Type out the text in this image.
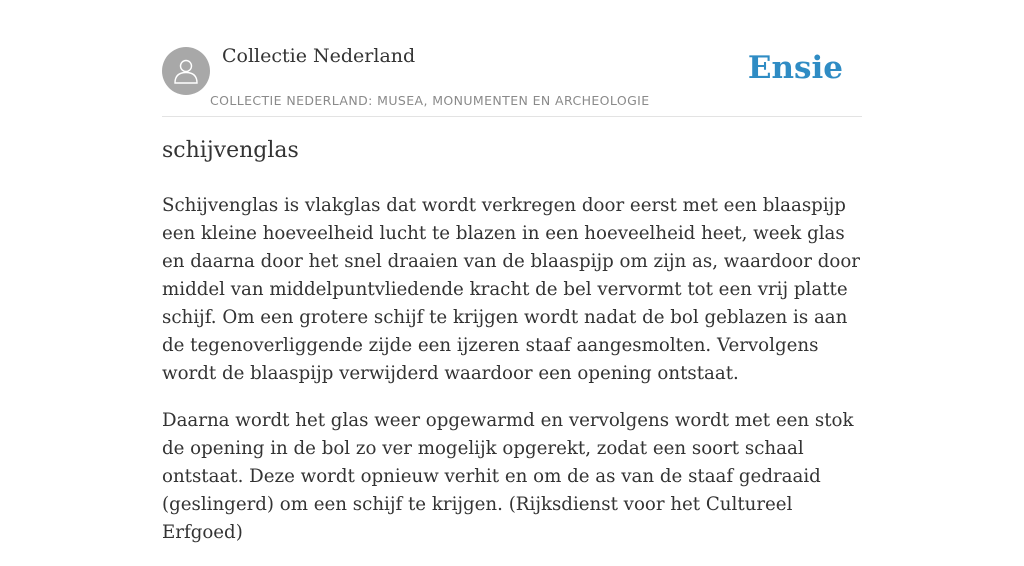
Collectie Nederland
COLLECTIE NEDERLAND: MUSEA, MONUMENTEN EN ARCHEOLOGIE
Ensie
schijvenglas

Schijvenglas is vlakglas dat wordt verkregen door eerst met een blaaspijp een kleine hoeveelheid lucht te blazen in een hoeveelheid heet, week glas en daarna door het snel draaien van de blaaspijp om zijn as, waardoor door middel van middelpuntvliedende kracht de bel vervormt tot een vrij platte schijf. Om een grotere schijf te krijgen wordt nadat de bol geblazen is aan de tegenoverliggende zijde een ijzeren staaf aangesmolten. Vervolgens wordt de blaaspijp verwijderd waardoor een opening ontstaat.

Daarna wordt het glas weer opgewarmd en vervolgens wordt met een stok de opening in de bol zo ver mogelijk opgerekt, zodat een soort schaal ontstaat. Deze wordt opnieuw verhit en om de as van de staaf gedraaid (geslingerd) om een schijf te krijgen. (Rijksdienst voor het Cultureel Erfgoed)
